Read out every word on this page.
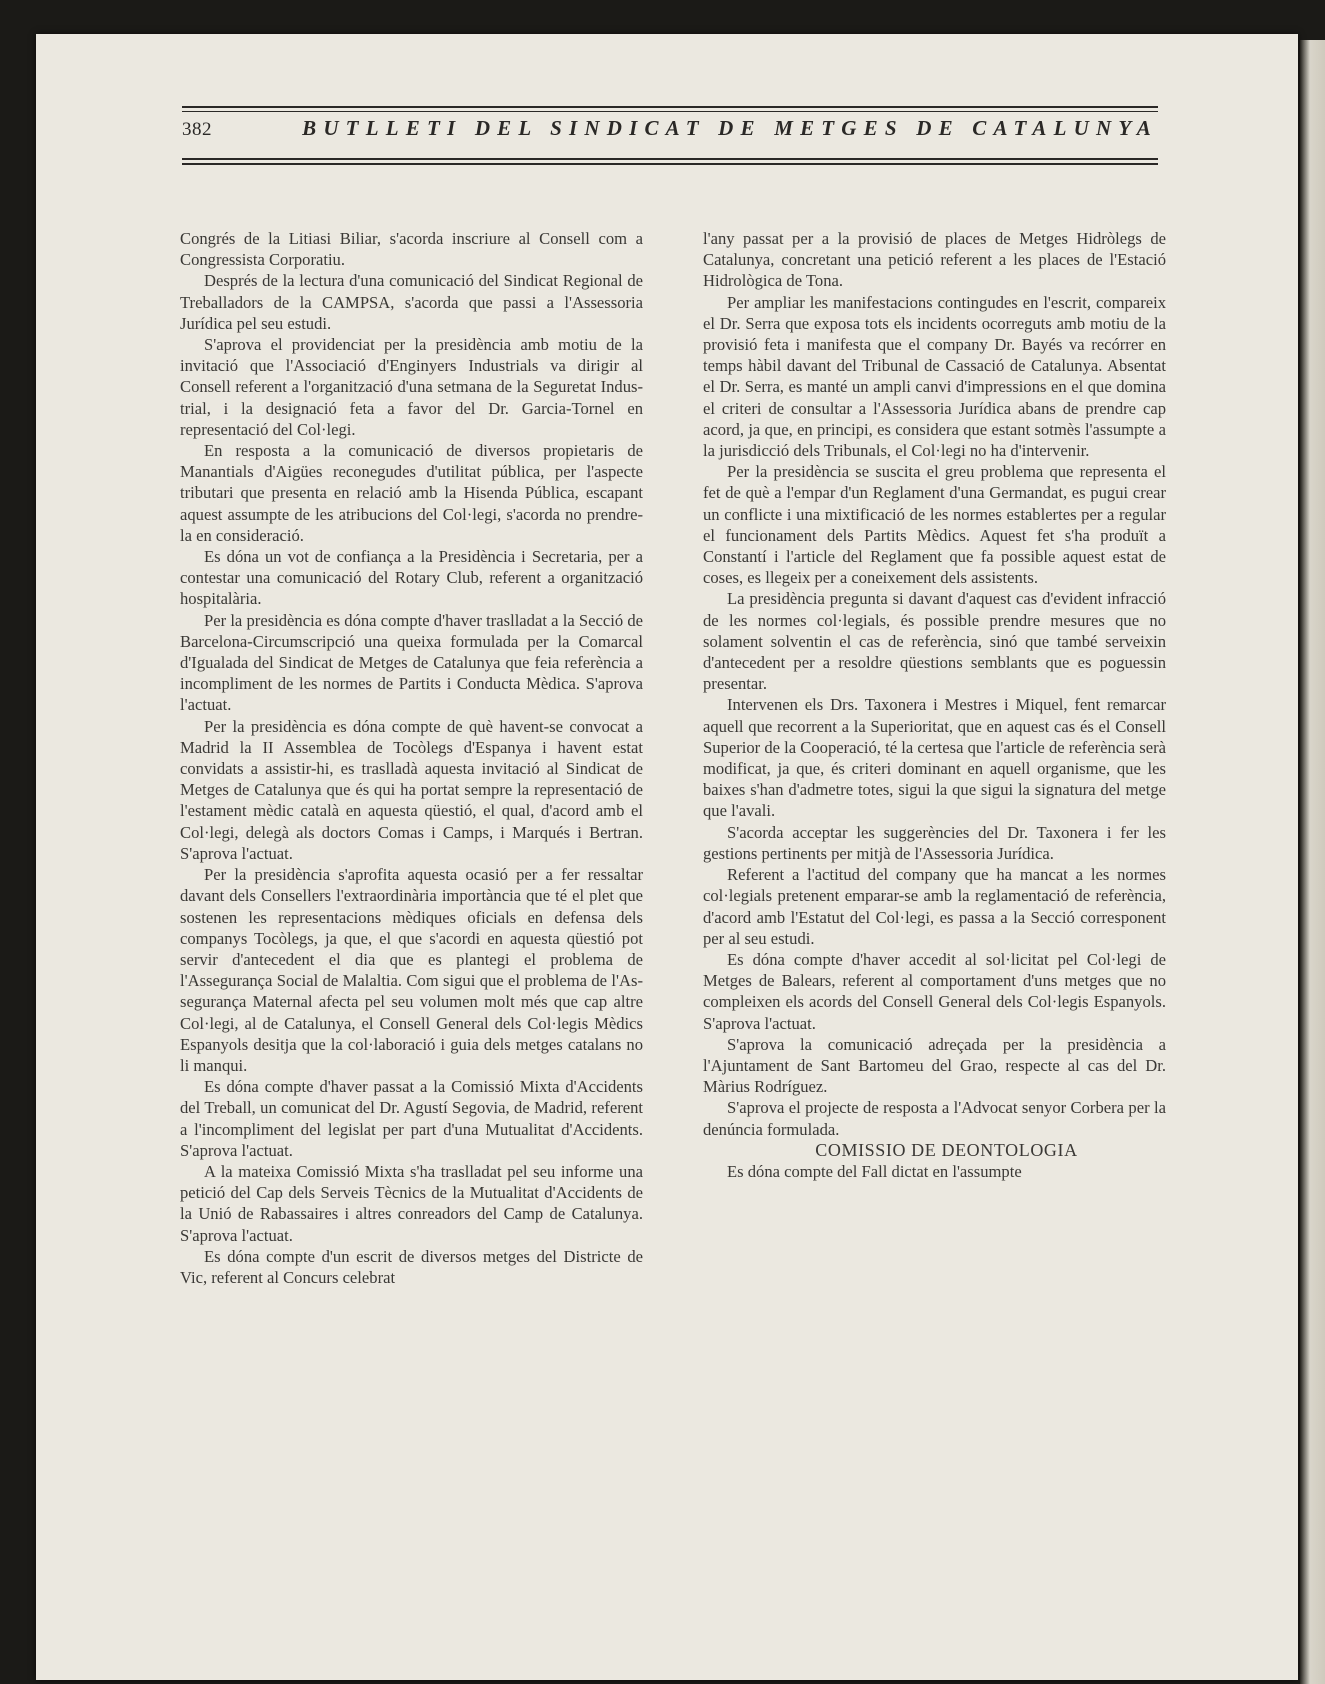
382	BUTLLETI DEL SINDICAT DE METGES DE CATALUNYA

Congrés de la Litiasi Biliar, s'acorda inscriure al Consell com a Congressista Corporatiu.

Després de la lectura d'una comunicació del Sindicat Regional de Treballadors de la CAMPSA, s'acorda que passi a l'Assessoria Jurídica pel seu estudi.

S'aprova el providenciat per la presidència amb motiu de la invitació que l'Associació d'Enginyers Industrials va dirigir al Consell referent a l'organització d'una setmana de la Seguretat Industrial, i la designació feta a favor del Dr. Garcia-Tornel en representació del Col·legi.

En resposta a la comunicació de diversos propietaris de Manantials d'Aigües reconegudes d'utilitat pública, per l'aspecte tributari que presenta en relació amb la Hisenda Pública, escapant aquest assumpte de les atribucions del Col·legi, s'acorda no prendre-la en consideració.

Es dóna un vot de confiança a la Presidència i Secretaria, per a contestar una comunicació del Rotary Club, referent a organització hospitalària.

Per la presidència es dóna compte d'haver traslladat a la Secció de Barcelona-Circumscripció una queixa formulada per la Comarcal d'Igualada del Sindicat de Metges de Catalunya que feia referència a incompliment de les normes de Partits i Conducta Mèdica. S'aprova l'actuat.

Per la presidència es dóna compte de què havent-se convocat a Madrid la II Assemblea de Tocòlegs d'Espanya i havent estat convidats a assistir-hi, es traslladà aquesta invitació al Sindicat de Metges de Catalunya que és qui ha portat sempre la representació de l'estament mèdic català en aquesta qüestió, el qual, d'acord amb el Col·legi, delegà als doctors Comas i Camps, i Marqués i Bertran. S'aprova l'actuat.

Per la presidència s'aprofita aquesta ocasió per a fer ressaltar davant dels Consellers l'extraordinària importància que té el plet que sostenen les representacions mèdiques oficials en defensa dels companys Tocòlegs, ja que, el que s'acordi en aquesta qüestió pot servir d'antecedent el dia que es plantegi el problema de l'Assegurança Social de Malaltia. Com sigui que el problema de l'Assegurança Maternal afecta pel seu volumen molt més que cap altre Col·legi, al de Catalunya, el Consell General dels Col·legis Mèdics Espanyols desitja que la col·laboració i guia dels metges catalans no li manqui.

Es dóna compte d'haver passat a la Comissió Mixta d'Accidents del Treball, un comunicat del Dr. Agustí Segovia, de Madrid, referent a l'incompliment del legislat per part d'una Mutualitat d'Accidents. S'aprova l'actuat.

A la mateixa Comissió Mixta s'ha traslladat pel seu informe una petició del Cap dels Serveis Tècnics de la Mutualitat d'Accidents de la Unió de Rabassaires i altres conreadors del Camp de Catalunya. S'aprova l'actuat.

Es dóna compte d'un escrit de diversos metges del Districte de Vic, referent al Concurs celebrat

l'any passat per a la provisió de places de Metges Hidròlegs de Catalunya, concretant una petició referent a les places de l'Estació Hidrològica de Tona.

Per ampliar les manifestacions contingudes en l'escrit, compareix el Dr. Serra que exposa tots els incidents ocorreguts amb motiu de la provisió feta i manifesta que el company Dr. Bayés va recórrer en temps hàbil davant del Tribunal de Cassació de Catalunya. Absentat el Dr. Serra, es manté un ampli canvi d'impressions en el que domina el criteri de consultar a l'Assessoria Jurídica abans de prendre cap acord, ja que, en principi, es considera que estant sotmès l'assumpte a la jurisdicció dels Tribunals, el Col·legi no ha d'intervenir.

Per la presidència se suscita el greu problema que representa el fet de què a l'empar d'un Reglament d'una Germandat, es pugui crear un conflicte i una mixtificació de les normes establertes per a regular el funcionament dels Partits Mèdics. Aquest fet s'ha produït a Constantí i l'article del Reglament que fa possible aquest estat de coses, es llegeix per a coneixement dels assistents.

La presidència pregunta si davant d'aquest cas d'evident infracció de les normes col·legials, és possible prendre mesures que no solament solventin el cas de referència, sinó que també serveixin d'antecedent per a resoldre qüestions semblants que es poguessin presentar.

Intervenen els Drs. Taxonera i Mestres i Miquel, fent remarcar aquell que recorrent a la Superioritat, que en aquest cas és el Consell Superior de la Cooperació, té la certesa que l'article de referència serà modificat, ja que, és criteri dominant en aquell organisme, que les baixes s'han d'admetre totes, sigui la que sigui la signatura del metge que l'avali.

S'acorda acceptar les suggerències del Dr. Taxonera i fer les gestions pertinents per mitjà de l'Assessoria Jurídica.

Referent a l'actitud del company que ha mancat a les normes col·legials pretenent emparar-se amb la reglamentació de referència, d'acord amb l'Estatut del Col·legi, es passa a la Secció corresponent per al seu estudi.

Es dóna compte d'haver accedit al sol·licitat pel Col·legi de Metges de Balears, referent al comportament d'uns metges que no compleixen els acords del Consell General dels Col·legis Espanyols. S'aprova l'actuat.

S'aprova la comunicació adreçada per la presidència a l'Ajuntament de Sant Bartomeu del Grao, respecte al cas del Dr. Màrius Rodríguez.

S'aprova el projecte de resposta a l'Advocat senyor Corbera per la denúncia formulada.

COMISSIO DE DEONTOLOGIA

Es dóna compte del Fall dictat en l'assumpte
